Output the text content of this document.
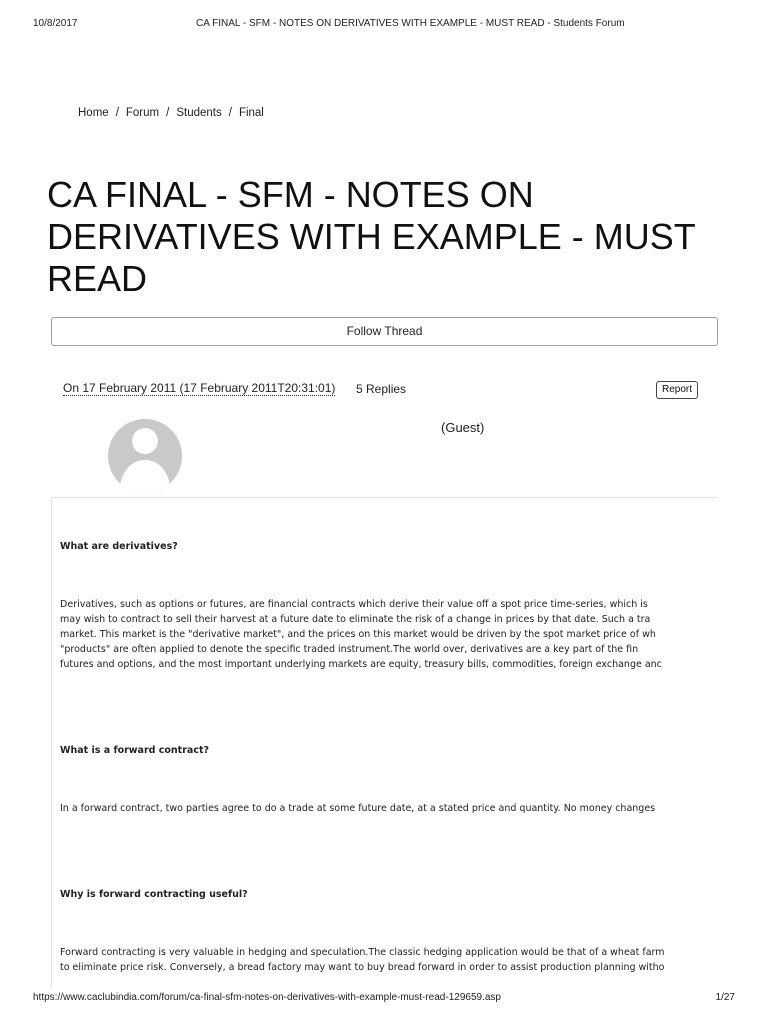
10/8/2017	CA FINAL - SFM - NOTES ON DERIVATIVES WITH EXAMPLE - MUST READ - Students Forum
Home / Forum / Students / Final
CA FINAL - SFM - NOTES ON DERIVATIVES WITH EXAMPLE - MUST READ
Follow Thread
On 17 February 2011 (17 February 2011T20:31:01) 5 Replies	Report
(Guest)
What are derivatives?
Derivatives, such as options or futures, are financial contracts which derive their value off a spot price time-series, which is
may wish to contract to sell their harvest at a future date to eliminate the risk of a change in prices by that date. Such a tra
market. This market is the "derivative market", and the prices on this market would be driven by the spot market price of wh
"products" are often applied to denote the specific traded instrument.The world over, derivatives are a key part of the fin
futures and options, and the most important underlying markets are equity, treasury bills, commodities, foreign exchange anc
What is a forward contract?
In a forward contract, two parties agree to do a trade at some future date, at a stated price and quantity. No money changes
Why is forward contracting useful?
Forward contracting is very valuable in hedging and speculation.The classic hedging application would be that of a wheat farm
to eliminate price risk. Conversely, a bread factory may want to buy bread forward in order to assist production planning witho
https://www.caclubindia.com/forum/ca-final-sfm-notes-on-derivatives-with-example-must-read-129659.asp	1/27
